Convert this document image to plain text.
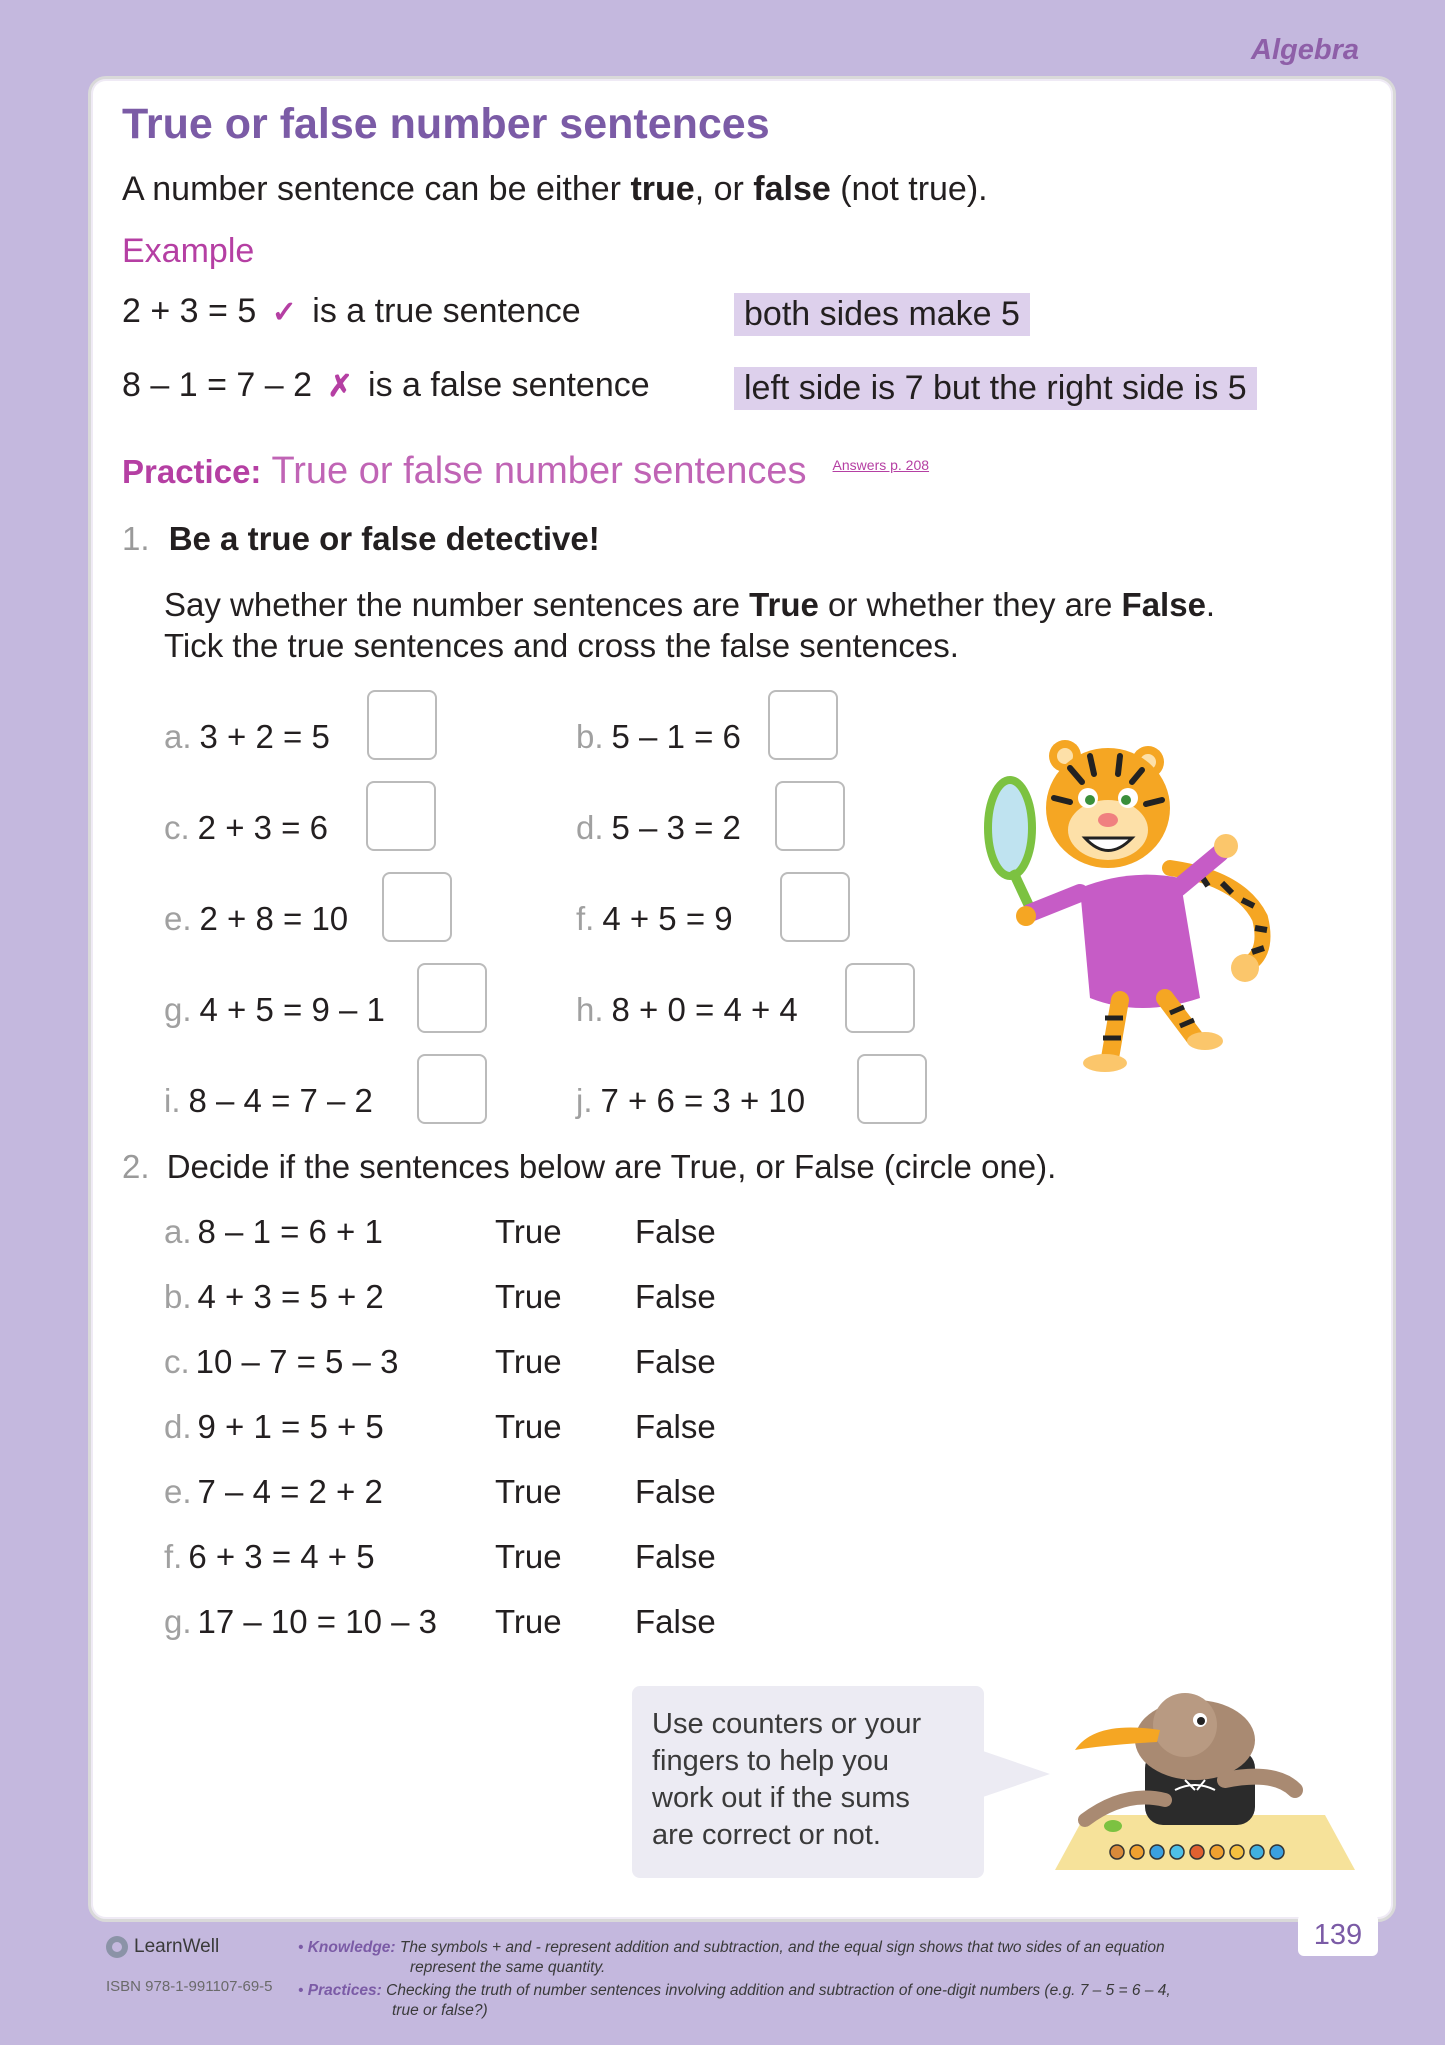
Algebra
True or false number sentences
A number sentence can be either true, or false (not true).
Example
2 + 3 = 5 ✓ is a true sentence	both sides make 5
8 – 1 = 7 – 2 ✗ is a false sentence	left side is 7 but the right side is 5
Practice: True or false number sentences $^{Answers p. 208}$
1. Be a true or false detective!
Say whether the number sentences are True or whether they are False.
Tick the true sentences and cross the false sentences.
a. 3 + 2 = 5
c. 2 + 3 = 6
e. 2 + 8 = 10
g. 4 + 5 = 9 – 1
i. 8 – 4 = 7 – 2
b. 5 – 1 = 6
d. 5 – 3 = 2
f. 4 + 5 = 9
h. 8 + 0 = 4 + 4
j. 7 + 6 = 3 + 10
2. Decide if the sentences below are True, or False (circle one).
a. 8 – 1 = 6 + 1
b. 4 + 3 = 5 + 2
c. 10 – 7 = 5 – 3
d. 9 + 1 = 5 + 5
e. 7 – 4 = 2 + 2
f. 6 + 3 = 4 + 5
g. 17 – 10 = 10 – 3
True False
True False
True False
True False
True False
True False
True False
Use counters or your
fingers to help you
work out if the sums
are correct or not.
139
LearnWell
ISBN 978-1-991107-69-5
• Knowledge: The symbols + and - represent addition and subtraction, and the equal sign shows that two sides of an equation
represent the same quantity.
• Practices: Checking the truth of number sentences involving addition and subtraction of one-digit numbers (e.g. 7 – 5 = 6 – 4,
true or false?)
